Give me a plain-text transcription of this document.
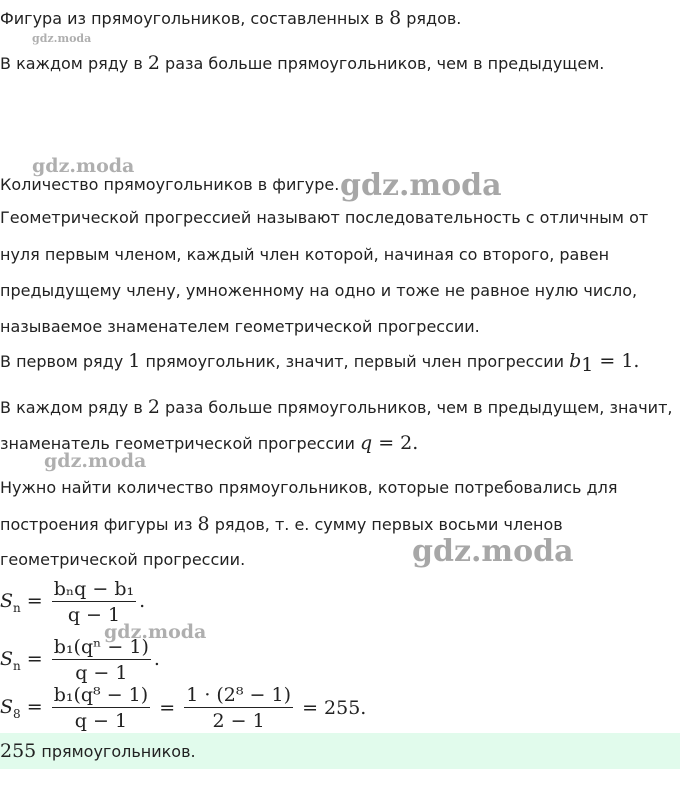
Фигура из прямоугольников, составленных в 8 рядов.
В каждом ряду в 2 раза больше прямоугольников, чем в предыдущем.
Количество прямоугольников в фигуре.
Геометрической прогрессией называют последовательность с отличным от
нуля первым членом, каждый член которой, начиная со второго, равен
предыдущему члену, умноженному на одно и тоже не равное нулю число,
называемое знаменателем геометрической прогрессии.
В первом ряду 1 прямоугольник, значит, первый член прогрессии $b_1 = 1$.
В каждом ряду в 2 раза больше прямоугольников, чем в предыдущем, значит,
знаменатель геометрической прогрессии q = 2.
Нужно найти количество прямоугольников, которые потребовались для
построения фигуры из 8 рядов, т. е. сумму первых восьми членов
геометрической прогрессии.
$S_n = \frac{\text{bₙq − b₁}}{q - 1}$ .
$S_n = \frac{\text{b₁(qⁿ − 1)}}{q - 1}$ .
$S_8 = \frac{\text{b₁(q⁸ − 1)}}{q - 1} = \frac{\text{1 · (2⁸ − 1)}}{2 - 1} = 255$.
255 прямоугольников.
gdz.moda
gdz.moda
gdz.moda
gdz.moda
gdz.moda
gdz.moda
